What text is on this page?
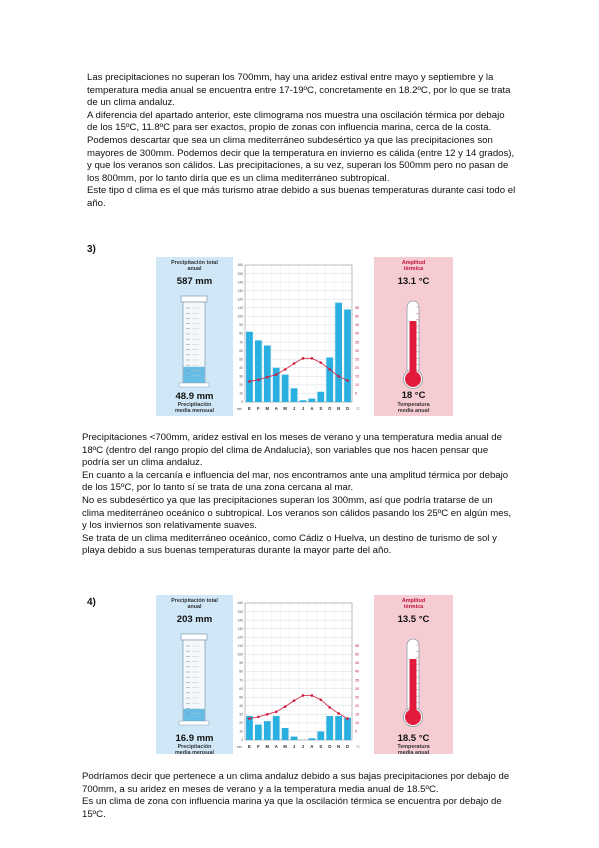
Las precipitaciones no superan los 700mm, hay una aridez estival entre mayo y septiembre y la temperatura media anual se encuentra entre 17-19ºC, concretamente en 18.2ºC, por lo que se trata de un clima andaluz.

A diferencia del apartado anterior, este climograma nos muestra una oscilación térmica por debajo de los 15ºC, 11.8ºC para ser exactos, propio de zonas con influencia marina, cerca de la costa.

Podemos descartar que sea un clima mediterráneo subdesértico ya que las precipitaciones son mayores de 300mm. Podemos decir que la temperatura en invierno es cálida (entre 12 y 14 grados), y que los veranos son cálidos. Las precipitaciones, a su vez, superan los 500mm pero no pasan de los 800mm, por lo tanto diría que es un clima mediterráneo subtropical.

Este tipo d clima es el que más turismo atrae debido a sus buenas temperaturas durante casi todo el año.

3)
Precipitación total anual
587 mm
48.9 mm
Precipitación media mensual
Amplitud térmica
13.1 °C
18 °C
Temperatura media anual
0
10
20
30
40
50
60
70
80
90
100
110
120
130
140
150
160
5
10
15
20
25
30
35
40
45
50
55
mm E F M A M J J A S O N D °C

Precipitaciones <700mm, aridez estival en los meses de verano y una temperatura media anual de 18ºC (dentro del rango propio del clima de Andalucía), son variables que nos hacen pensar que podría ser un clima andaluz.

En cuanto a la cercanía e influencia del mar, nos encontramos ante una amplitud térmica por debajo de los 15ºC, por lo tanto sí se trata de una zona cercana al mar.

No es subdesértico ya que las precipitaciones superan los 300mm, así que podría tratarse de un clima mediterráneo oceánico o subtropical. Los veranos son cálidos pasando los 25ºC en algún mes, y los inviernos son relativamente suaves.

Se trata de un clima mediterráneo oceánico, como Cádiz o Huelva, un destino de turismo de sol y playa debido a sus buenas temperaturas durante la mayor parte del año.

4)	Precipitación total anual
203 mm
16.9 mm
Precipitación media mensual
Amplitud térmica
13.5 °C
18.5 °C
Temperatura media anual
0
10
20
30
40
50
60
70
80
90
100
110
120
130
140
150
160
5
10
15
20
25
30
35
40
45
50
55
mm E F M A M J J A S O N D °C

Podríamos decir que pertenece a un clima andaluz debido a sus bajas precipitaciones por debajo de 700mm, a su aridez en meses de verano y a la temperatura media anual de 18.5ºC.

Es un clima de zona con influencia marina ya que la oscilación térmica se encuentra por debajo de 15ºC.
